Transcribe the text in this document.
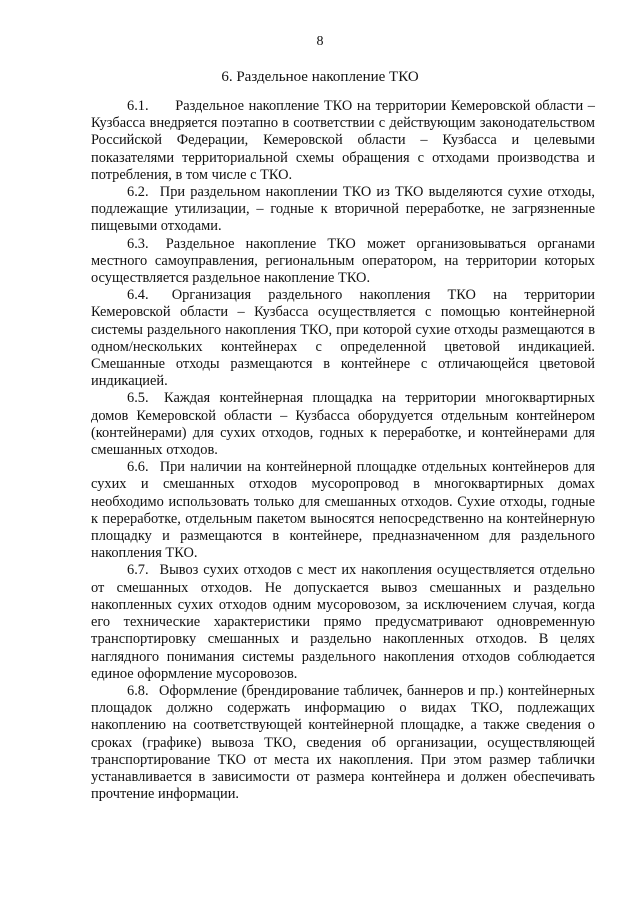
8
6. Раздельное накопление ТКО

6.1. Раздельное накопление ТКО на территории Кемеровской области – Кузбасса внедряется поэтапно в соответствии с действующим законодательством Российской Федерации, Кемеровской области – Кузбасса и целевыми показателями территориальной схемы обращения с отходами производства и потребления, в том числе с ТКО.

6.2. При раздельном накоплении ТКО из ТКО выделяются сухие отходы, подлежащие утилизации, – годные к вторичной переработке, не загрязненные пищевыми отходами.

6.3. Раздельное накопление ТКО может организовываться органами местного самоуправления, региональным оператором, на территории которых осуществляется раздельное накопление ТКО.

6.4. Организация раздельного накопления ТКО на территории Кемеровской области – Кузбасса осуществляется с помощью контейнерной системы раздельного накопления ТКО, при которой сухие отходы размещаются в одном/нескольких контейнерах с определенной цветовой индикацией. Смешанные отходы размещаются в контейнере с отличающейся цветовой индикацией.

6.5. Каждая контейнерная площадка на территории многоквартирных домов Кемеровской области – Кузбасса оборудуется отдельным контейнером (контейнерами) для сухих отходов, годных к переработке, и контейнерами для смешанных отходов.

6.6. При наличии на контейнерной площадке отдельных контейнеров для сухих и смешанных отходов мусоропровод в многоквартирных домах необходимо использовать только для смешанных отходов. Сухие отходы, годные к переработке, отдельным пакетом выносятся непосредственно на контейнерную площадку и размещаются в контейнере, предназначенном для раздельного накопления ТКО.

6.7. Вывоз сухих отходов с мест их накопления осуществляется отдельно от смешанных отходов. Не допускается вывоз смешанных и раздельно накопленных сухих отходов одним мусоровозом, за исключением случая, когда его технические характеристики прямо предусматривают одновременную транспортировку смешанных и раздельно накопленных отходов. В целях наглядного понимания системы раздельного накопления отходов соблюдается единое оформление мусоровозов.

6.8. Оформление (брендирование табличек, баннеров и пр.) контейнерных площадок должно содержать информацию о видах ТКО, подлежащих накоплению на соответствующей контейнерной площадке, а также сведения о сроках (графике) вывоза ТКО, сведения об организации, осуществляющей транспортирование ТКО от места их накопления. При этом размер таблички устанавливается в зависимости от размера контейнера и должен обеспечивать прочтение информации.
